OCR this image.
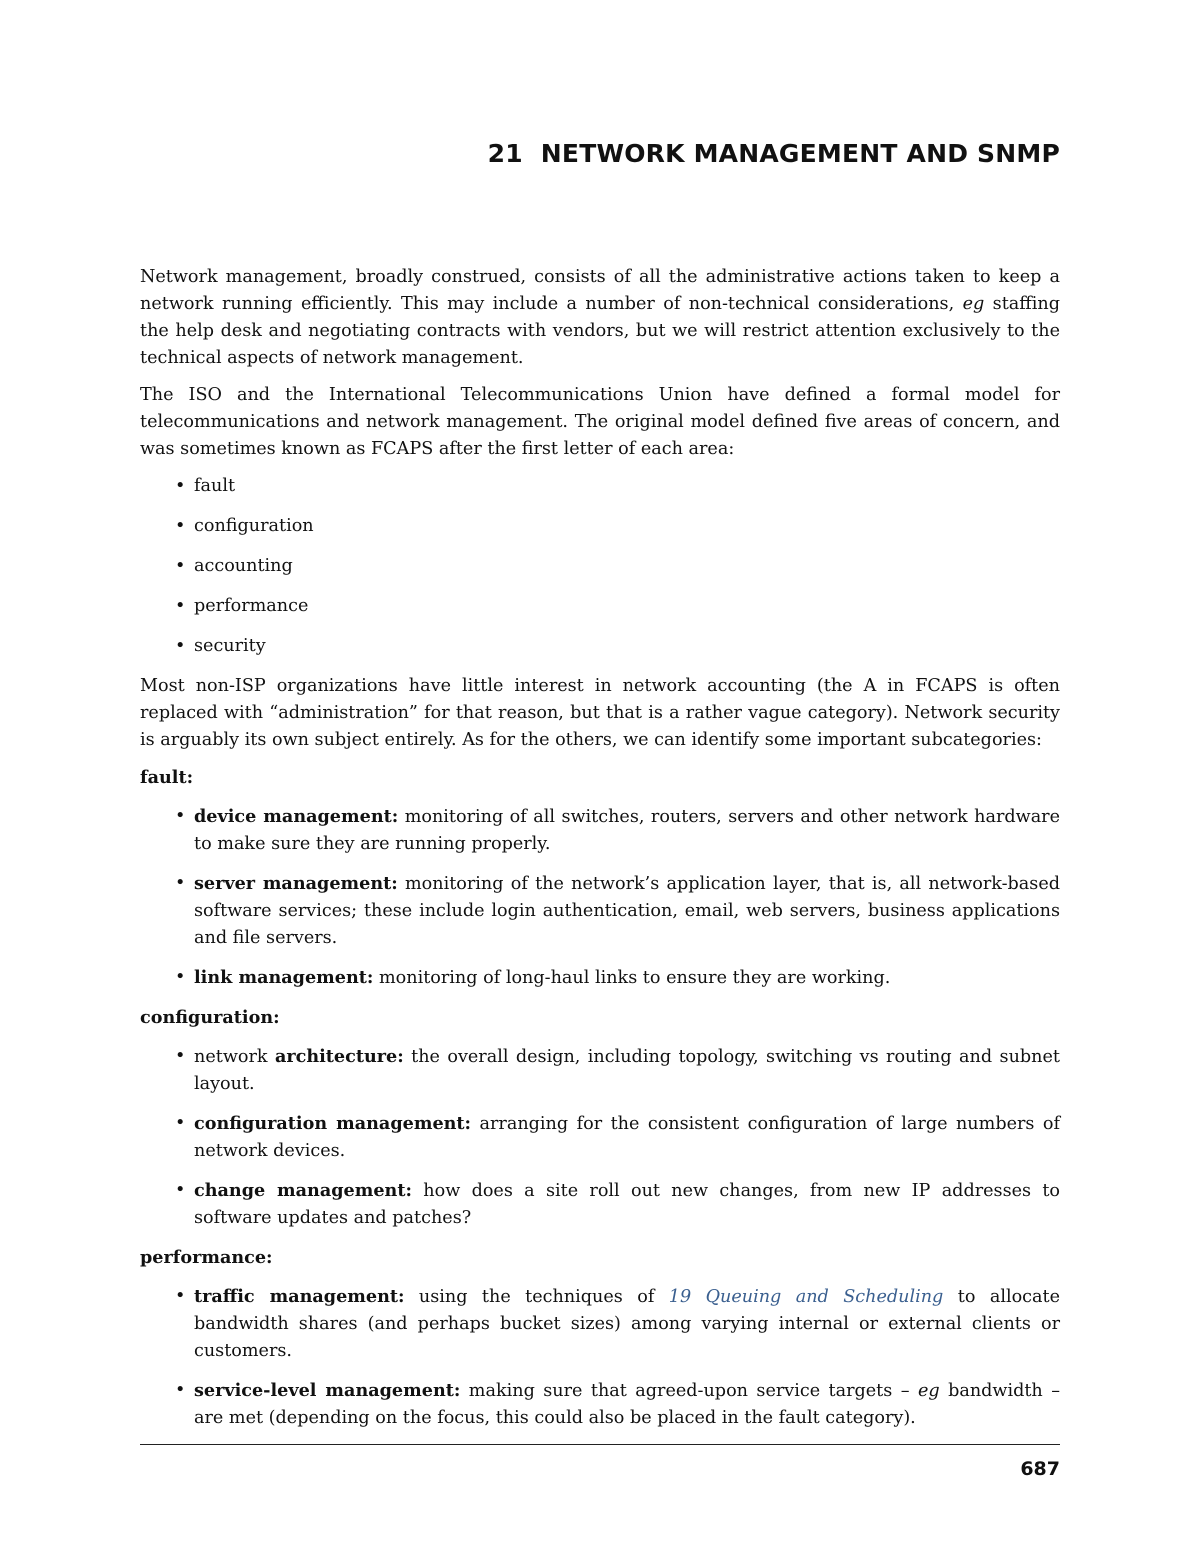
21 NETWORK MANAGEMENT AND SNMP

Network management, broadly construed, consists of all the administrative actions taken to keep a network running efficiently. This may include a number of non-technical considerations, eg staffing the help desk and negotiating contracts with vendors, but we will restrict attention exclusively to the technical aspects of network management.

The ISO and the International Telecommunications Union have defined a formal model for telecommunications and network management. The original model defined five areas of concern, and was sometimes known as FCAPS after the first letter of each area:

• fault
• configuration
• accounting
• performance
• security

Most non-ISP organizations have little interest in network accounting (the A in FCAPS is often replaced with “administration” for that reason, but that is a rather vague category). Network security is arguably its own subject entirely. As for the others, we can identify some important subcategories:

fault:
• device management: monitoring of all switches, routers, servers and other network hardware to make sure they are running properly.
• server management: monitoring of the network’s application layer, that is, all network-based software services; these include login authentication, email, web servers, business applications and file servers.
• link management: monitoring of long-haul links to ensure they are working.
configuration:
• network architecture: the overall design, including topology, switching vs routing and subnet layout.
• configuration management: arranging for the consistent configuration of large numbers of network devices.
• change management: how does a site roll out new changes, from new IP addresses to software updates and patches?
performance:
• traffic management: using the techniques of 19 Queuing and Scheduling to allocate bandwidth shares (and perhaps bucket sizes) among varying internal or external clients or customers.
• service-level management: making sure that agreed-upon service targets – eg bandwidth – are met (depending on the focus, this could also be placed in the fault category).
687
